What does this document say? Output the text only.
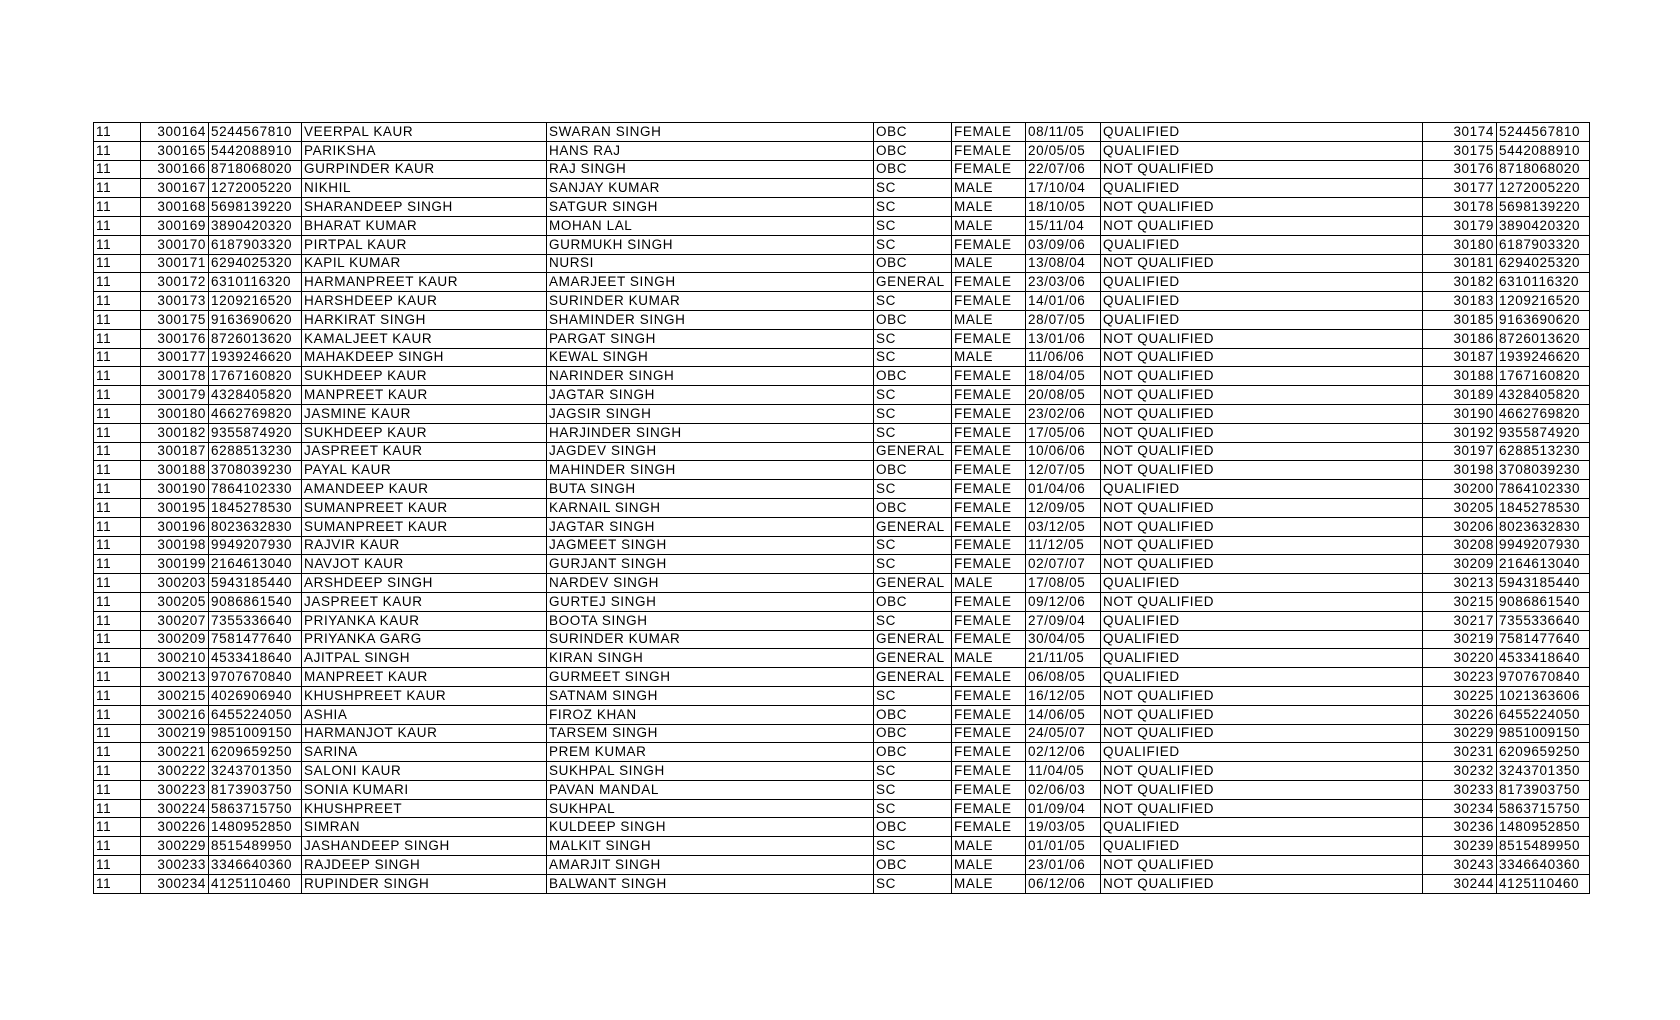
11	300164	5244567810	VEERPAL KAUR	SWARAN SINGH	OBC	FEMALE	08/11/05	QUALIFIED	30174	5244567810
11	300165	5442088910	PARIKSHA	HANS RAJ	OBC	FEMALE	20/05/05	QUALIFIED	30175	5442088910
11	300166	8718068020	GURPINDER KAUR	RAJ SINGH	OBC	FEMALE	22/07/06	NOT QUALIFIED	30176	8718068020
11	300167	1272005220	NIKHIL	SANJAY KUMAR	SC	MALE	17/10/04	QUALIFIED	30177	1272005220
11	300168	5698139220	SHARANDEEP SINGH	SATGUR SINGH	SC	MALE	18/10/05	NOT QUALIFIED	30178	5698139220
11	300169	3890420320	BHARAT KUMAR	MOHAN LAL	SC	MALE	15/11/04	NOT QUALIFIED	30179	3890420320
11	300170	6187903320	PIRTPAL KAUR	GURMUKH SINGH	SC	FEMALE	03/09/06	QUALIFIED	30180	6187903320
11	300171	6294025320	KAPIL KUMAR	NURSI	OBC	MALE	13/08/04	NOT QUALIFIED	30181	6294025320
11	300172	6310116320	HARMANPREET KAUR	AMARJEET SINGH	GENERAL	FEMALE	23/03/06	QUALIFIED	30182	6310116320
11	300173	1209216520	HARSHDEEP KAUR	SURINDER KUMAR	SC	FEMALE	14/01/06	QUALIFIED	30183	1209216520
11	300175	9163690620	HARKIRAT SINGH	SHAMINDER SINGH	OBC	MALE	28/07/05	QUALIFIED	30185	9163690620
11	300176	8726013620	KAMALJEET KAUR	PARGAT SINGH	SC	FEMALE	13/01/06	NOT QUALIFIED	30186	8726013620
11	300177	1939246620	MAHAKDEEP SINGH	KEWAL SINGH	SC	MALE	11/06/06	NOT QUALIFIED	30187	1939246620
11	300178	1767160820	SUKHDEEP KAUR	NARINDER SINGH	OBC	FEMALE	18/04/05	NOT QUALIFIED	30188	1767160820
11	300179	4328405820	MANPREET KAUR	JAGTAR SINGH	SC	FEMALE	20/08/05	NOT QUALIFIED	30189	4328405820
11	300180	4662769820	JASMINE KAUR	JAGSIR SINGH	SC	FEMALE	23/02/06	NOT QUALIFIED	30190	4662769820
11	300182	9355874920	SUKHDEEP KAUR	HARJINDER SINGH	SC	FEMALE	17/05/06	NOT QUALIFIED	30192	9355874920
11	300187	6288513230	JASPREET KAUR	JAGDEV SINGH	GENERAL	FEMALE	10/06/06	NOT QUALIFIED	30197	6288513230
11	300188	3708039230	PAYAL KAUR	MAHINDER SINGH	OBC	FEMALE	12/07/05	NOT QUALIFIED	30198	3708039230
11	300190	7864102330	AMANDEEP KAUR	BUTA SINGH	SC	FEMALE	01/04/06	QUALIFIED	30200	7864102330
11	300195	1845278530	SUMANPREET KAUR	KARNAIL SINGH	OBC	FEMALE	12/09/05	NOT QUALIFIED	30205	1845278530
11	300196	8023632830	SUMANPREET KAUR	JAGTAR SINGH	GENERAL	FEMALE	03/12/05	NOT QUALIFIED	30206	8023632830
11	300198	9949207930	RAJVIR KAUR	JAGMEET SINGH	SC	FEMALE	11/12/05	NOT QUALIFIED	30208	9949207930
11	300199	2164613040	NAVJOT KAUR	GURJANT SINGH	SC	FEMALE	02/07/07	NOT QUALIFIED	30209	2164613040
11	300203	5943185440	ARSHDEEP SINGH	NARDEV SINGH	GENERAL	MALE	17/08/05	QUALIFIED	30213	5943185440
11	300205	9086861540	JASPREET KAUR	GURTEJ SINGH	OBC	FEMALE	09/12/06	NOT QUALIFIED	30215	9086861540
11	300207	7355336640	PRIYANKA KAUR	BOOTA SINGH	SC	FEMALE	27/09/04	QUALIFIED	30217	7355336640
11	300209	7581477640	PRIYANKA GARG	SURINDER KUMAR	GENERAL	FEMALE	30/04/05	QUALIFIED	30219	7581477640
11	300210	4533418640	AJITPAL SINGH	KIRAN SINGH	GENERAL	MALE	21/11/05	QUALIFIED	30220	4533418640
11	300213	9707670840	MANPREET KAUR	GURMEET SINGH	GENERAL	FEMALE	06/08/05	QUALIFIED	30223	9707670840
11	300215	4026906940	KHUSHPREET KAUR	SATNAM SINGH	SC	FEMALE	16/12/05	NOT QUALIFIED	30225	1021363606
11	300216	6455224050	ASHIA	FIROZ KHAN	OBC	FEMALE	14/06/05	NOT QUALIFIED	30226	6455224050
11	300219	9851009150	HARMANJOT KAUR	TARSEM SINGH	OBC	FEMALE	24/05/07	NOT QUALIFIED	30229	9851009150
11	300221	6209659250	SARINA	PREM KUMAR	OBC	FEMALE	02/12/06	QUALIFIED	30231	6209659250
11	300222	3243701350	SALONI KAUR	SUKHPAL SINGH	SC	FEMALE	11/04/05	NOT QUALIFIED	30232	3243701350
11	300223	8173903750	SONIA KUMARI	PAVAN MANDAL	SC	FEMALE	02/06/03	NOT QUALIFIED	30233	8173903750
11	300224	5863715750	KHUSHPREET	SUKHPAL	SC	FEMALE	01/09/04	NOT QUALIFIED	30234	5863715750
11	300226	1480952850	SIMRAN	KULDEEP SINGH	OBC	FEMALE	19/03/05	QUALIFIED	30236	1480952850
11	300229	8515489950	JASHANDEEP SINGH	MALKIT SINGH	SC	MALE	01/01/05	QUALIFIED	30239	8515489950
11	300233	3346640360	RAJDEEP SINGH	AMARJIT SINGH	OBC	MALE	23/01/06	NOT QUALIFIED	30243	3346640360
11	300234	4125110460	RUPINDER SINGH	BALWANT SINGH	SC	MALE	06/12/06	NOT QUALIFIED	30244	4125110460
